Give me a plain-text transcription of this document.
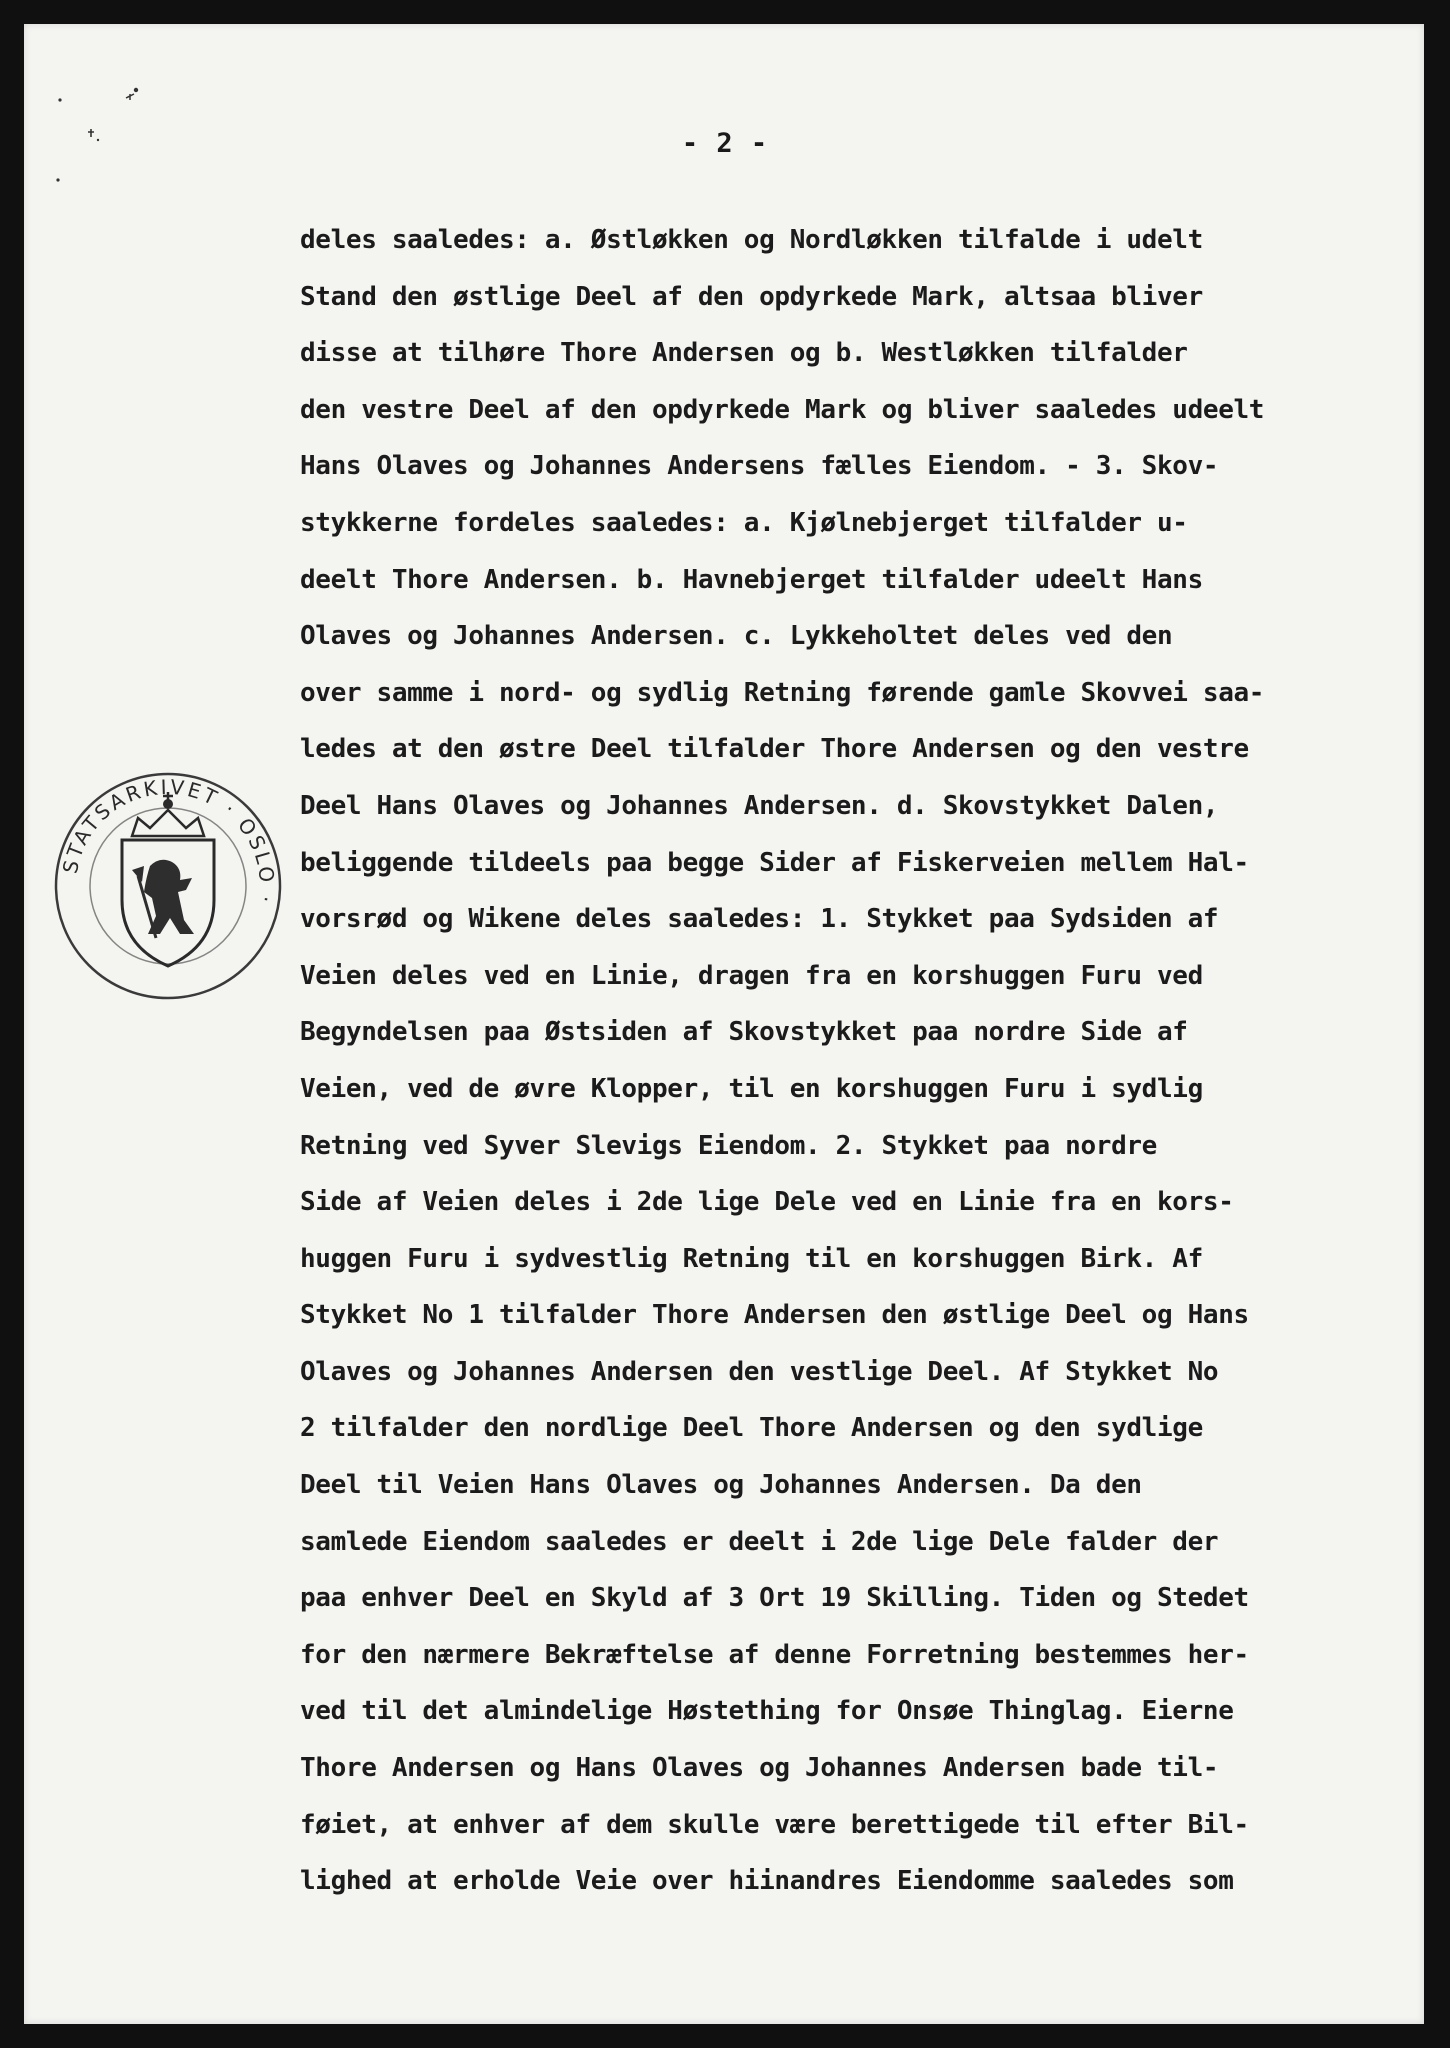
- 2 -
STATSARKIVET · OSLO ·
deles saaledes: a. Østløkken og Nordløkken tilfalde i udelt
Stand den østlige Deel af den opdyrkede Mark, altsaa bliver
disse at tilhøre Thore Andersen og b. Westløkken tilfalder
den vestre Deel af den opdyrkede Mark og bliver saaledes udeelt
Hans Olaves og Johannes Andersens fælles Eiendom. - 3. Skov-
stykkerne fordeles saaledes: a. Kjølnebjerget tilfalder u-
deelt Thore Andersen. b. Havnebjerget tilfalder udeelt Hans
Olaves og Johannes Andersen. c. Lykkeholtet deles ved den
over samme i nord- og sydlig Retning førende gamle Skovvei saa-
ledes at den østre Deel tilfalder Thore Andersen og den vestre
Deel Hans Olaves og Johannes Andersen. d. Skovstykket Dalen,
beliggende tildeels paa begge Sider af Fiskerveien mellem Hal-
vorsrød og Wikene deles saaledes: 1. Stykket paa Sydsiden af
Veien deles ved en Linie, dragen fra en korshuggen Furu ved
Begyndelsen paa Østsiden af Skovstykket paa nordre Side af
Veien, ved de øvre Klopper, til en korshuggen Furu i sydlig
Retning ved Syver Slevigs Eiendom. 2. Stykket paa nordre
Side af Veien deles i 2de lige Dele ved en Linie fra en kors-
huggen Furu i sydvestlig Retning til en korshuggen Birk. Af
Stykket No 1 tilfalder Thore Andersen den østlige Deel og Hans
Olaves og Johannes Andersen den vestlige Deel. Af Stykket No
2 tilfalder den nordlige Deel Thore Andersen og den sydlige
Deel til Veien Hans Olaves og Johannes Andersen. Da den
samlede Eiendom saaledes er deelt i 2de lige Dele falder der
paa enhver Deel en Skyld af 3 Ort 19 Skilling. Tiden og Stedet
for den nærmere Bekræftelse af denne Forretning bestemmes her-
ved til det almindelige Høstething for Onsøe Thinglag. Eierne
Thore Andersen og Hans Olaves og Johannes Andersen bade til-
føiet, at enhver af dem skulle være berettigede til efter Bil-
lighed at erholde Veie over hiinandres Eiendomme saaledes som
